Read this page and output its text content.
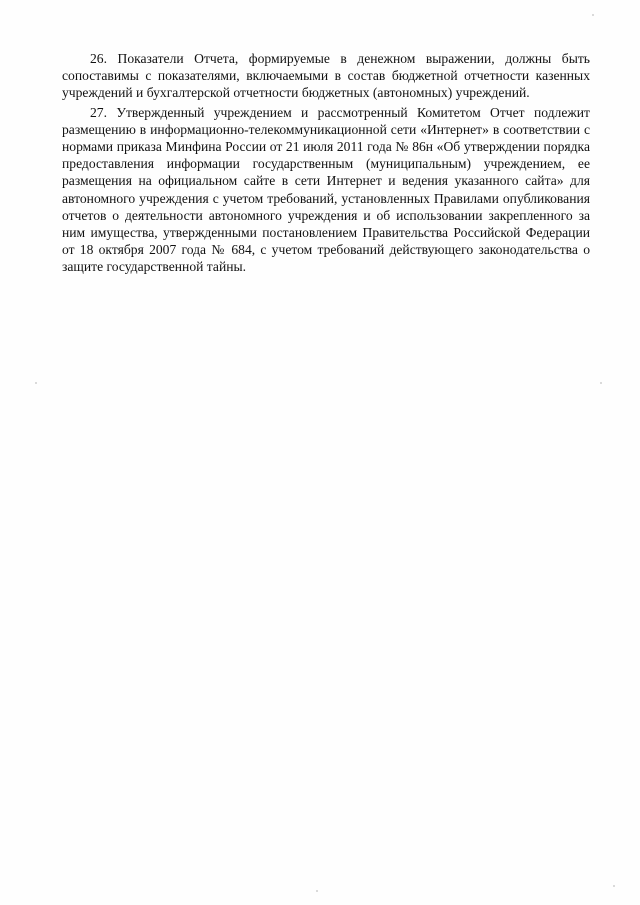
26. Показатели Отчета, формируемые в денежном выражении, должны быть сопоставимы с показателями, включаемыми в состав бюджетной отчетности казенных учреждений и бухгалтерской отчетности бюджетных (автономных) учреждений.

27. Утвержденный учреждением и рассмотренный Комитетом Отчет подлежит размещению в информационно-телекоммуникационной сети «Интернет» в соответствии с нормами приказа Минфина России от 21 июля 2011 года № 86н «Об утверждении порядка предоставления информации государственным (муниципальным) учреждением, ее размещения на официальном сайте в сети Интернет и ведения указанного сайта» для автономного учреждения с учетом требований, установленных Правилами опубликования отчетов о деятельности автономного учреждения и об использовании закрепленного за ним имущества, утвержденными постановлением Правительства Российской Федерации от 18 октября 2007 года № 684, с учетом требований действующего законодательства о защите государственной тайны.
